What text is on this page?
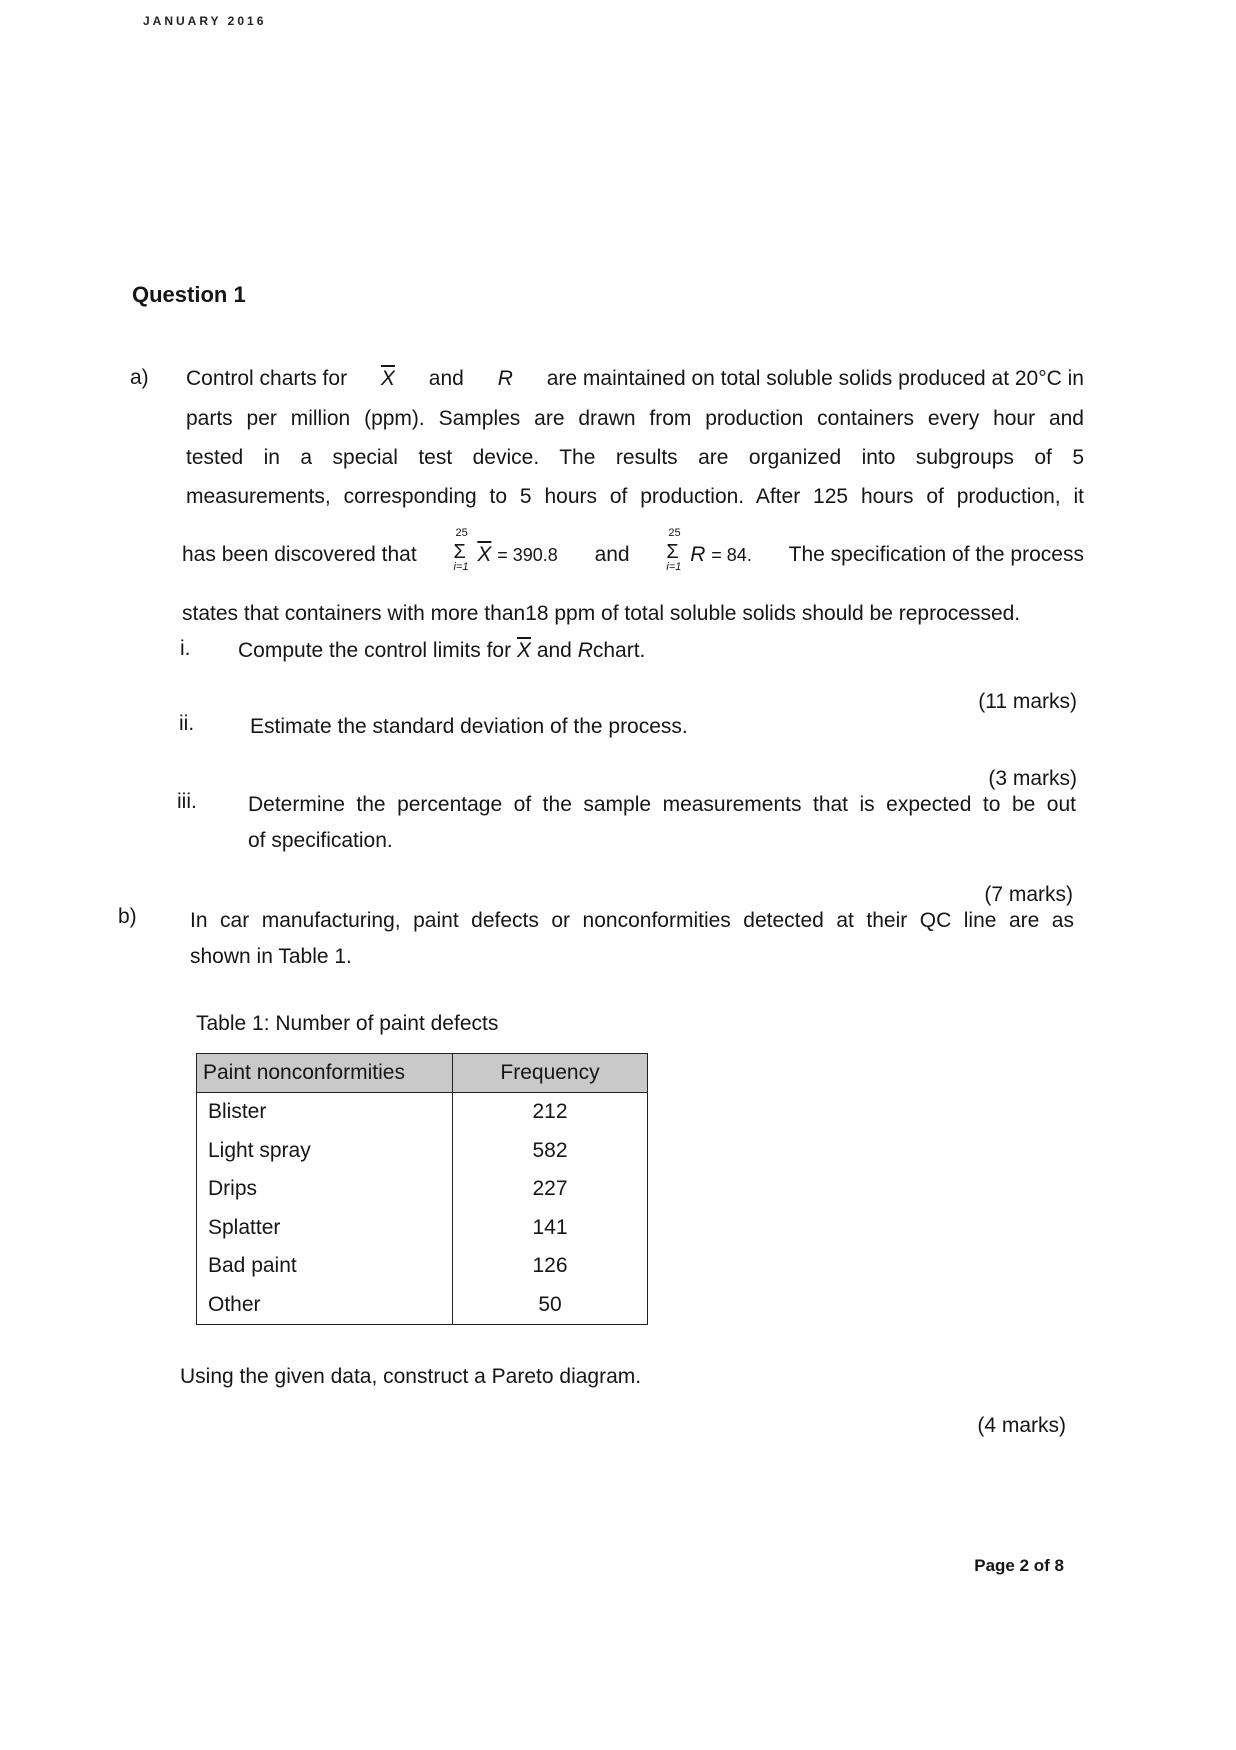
JANUARY 2016
Question 1
a) Control charts for $\overline{X}$ and R are maintained on total soluble solids produced at 20°C in
parts per million (ppm). Samples are drawn from production containers every hour and
tested in a special test device. The results are organized into subgroups of 5
measurements, corresponding to 5 hours of production. After 125 hours of production, it
has been discovered that
25
Σ
i=1
$\overline{X} = 390.8$ and
25
Σ
i=1
R = 84. The specification of the process
states that containers with more than18 ppm of total soluble solids should be reprocessed.
i. Compute the control limits for $\overline{X}$ and Rchart.
(11 marks)
ii.	Estimate the standard deviation of the process.
(3 marks)
iii. Determine the percentage of the sample measurements that is expected to be out
of specification.
(7 marks)
b)	In car manufacturing, paint defects or nonconformities detected at their QC line are as
shown in Table 1.
Table 1: Number of paint defects
Paint nonconformities	Frequency
Blister	212
Light spray	582
Drips	227
Splatter	141
Bad paint	126
Other	50
Using the given data, construct a Pareto diagram.
(4 marks)
Page 2 of 8
